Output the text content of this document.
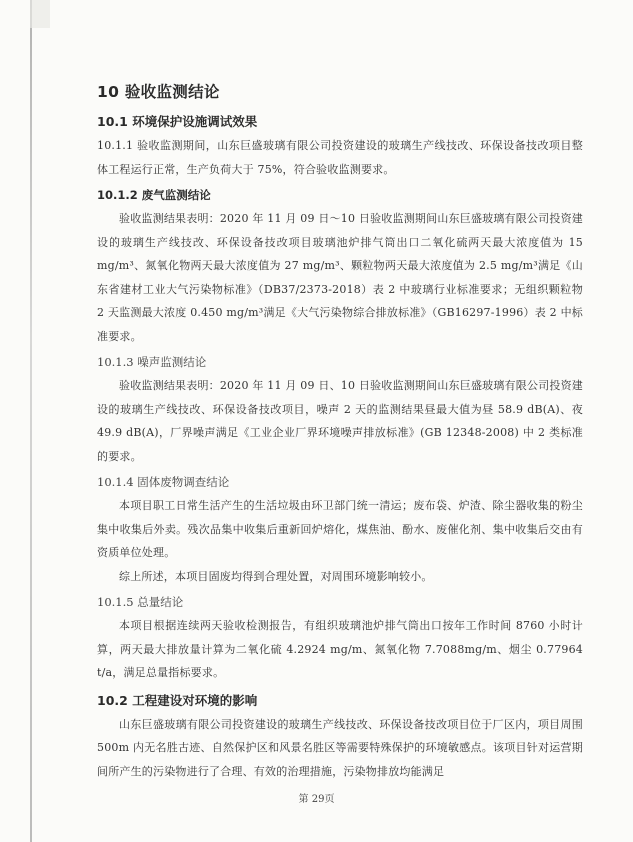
10 验收监测结论
10.1 环境保护设施调试效果

10.1.1 验收监测期间，山东巨盛玻璃有限公司投资建设的玻璃生产线技改、环保设备技改项目整体工程运行正常，生产负荷大于 75%，符合验收监测要求。

10.1.2 废气监测结论

验收监测结果表明：2020 年 11 月 09 日～10 日验收监测期间山东巨盛玻璃有限公司投资建设的玻璃生产线技改、环保设备技改项目玻璃池炉排气筒出口二氧化硫两天最大浓度值为 15 mg/m³、氮氧化物两天最大浓度值为 27 mg/m³、颗粒物两天最大浓度值为 2.5 mg/m³满足《山东省建材工业大气污染物标准》（DB37/2373-2018）表 2 中玻璃行业标准要求；无组织颗粒物 2 天监测最大浓度 0.450 mg/m³满足《大气污染物综合排放标准》（GB16297-1996）表 2 中标准要求。

10.1.3 噪声监测结论

验收监测结果表明：2020 年 11 月 09 日、10 日验收监测期间山东巨盛玻璃有限公司投资建设的玻璃生产线技改、环保设备技改项目，噪声 2 天的监测结果昼最大值为昼 58.9 dB(A)、夜 49.9 dB(A)，厂界噪声满足《工业企业厂界环境噪声排放标准》(GB 12348-2008) 中 2 类标准的要求。

10.1.4 固体废物调查结论

本项目职工日常生活产生的生活垃圾由环卫部门统一清运；废布袋、炉渣、除尘器收集的粉尘集中收集后外卖。残次品集中收集后重新回炉熔化，煤焦油、酚水、废催化剂、集中收集后交由有资质单位处理。

综上所述，本项目固废均得到合理处置，对周围环境影响较小。

10.1.5 总量结论

本项目根据连续两天验收检测报告，有组织玻璃池炉排气筒出口按年工作时间 8760 小时计算，两天最大排放量计算为二氧化硫 4.2924 mg/m、氮氧化物 7.7088mg/m、烟尘 0.77964 t/a，满足总量指标要求。

10.2 工程建设对环境的影响

山东巨盛玻璃有限公司投资建设的玻璃生产线技改、环保设备技改项目位于厂区内，项目周围 500m 内无名胜古迹、自然保护区和风景名胜区等需要特殊保护的环境敏感点。该项目针对运营期间所产生的污染物进行了合理、有效的治理措施，污染物排放均能满足

第 29页
